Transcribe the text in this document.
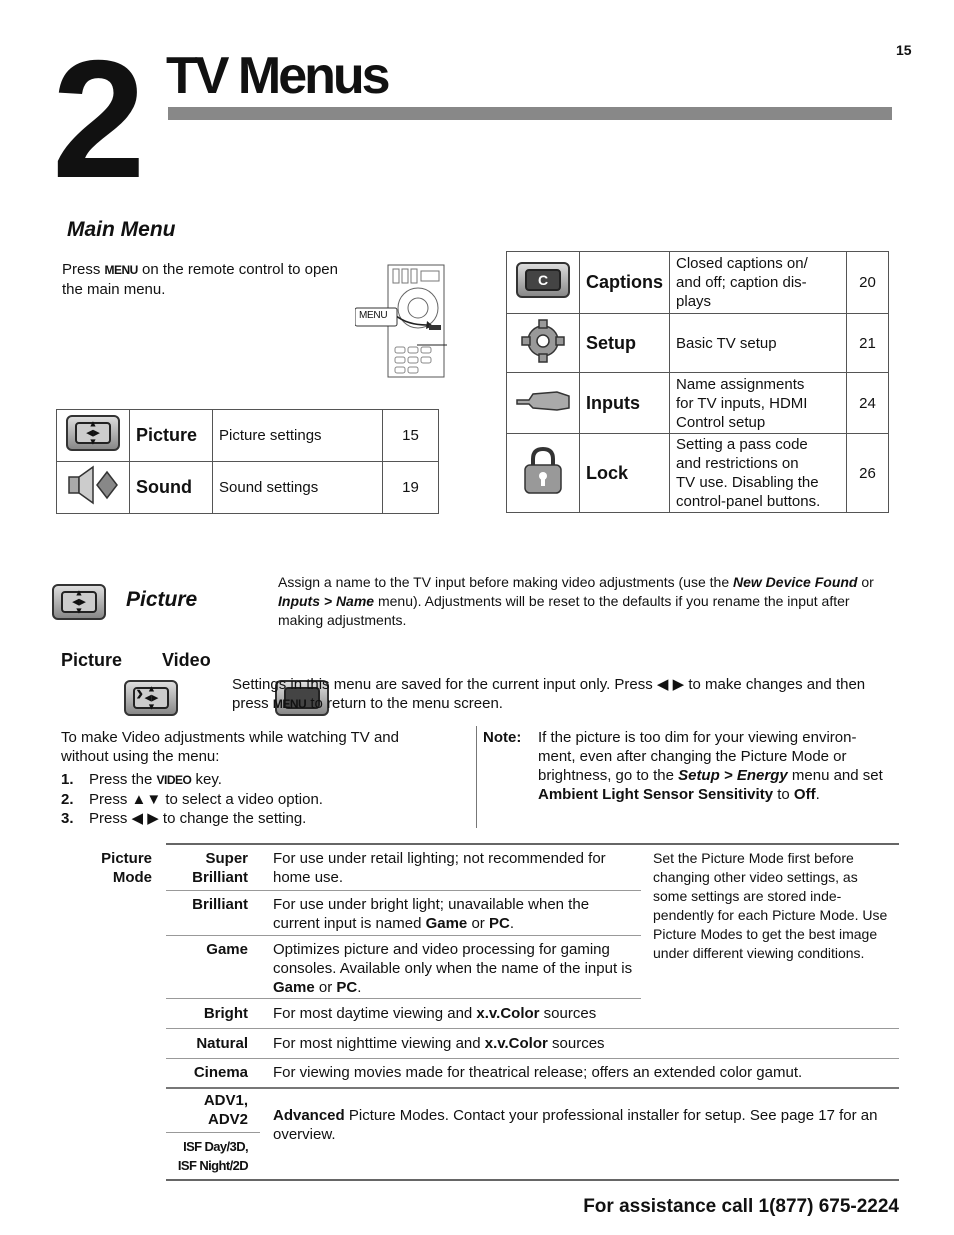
15
2 TV Menus
Main Menu
Press MENU on the remote control to open the main menu.
MENU
▲
◀▶
▼	Picture	Picture settings	15
	Sound	Sound settings	19
C	Captions	Closed captions on/
and off; caption dis-
plays	20
	Setup	Basic TV setup	21
	Inputs	Name assignments
for TV inputs, HDMI
Control setup	24
	Lock	Setting a pass code
and restrictions on
TV use. Disabling the
control-panel buttons.	26
▲
◀▶
▼
Picture
Assign a name to the TV input before making video adjustments (use the New Device Found or Inputs > Name menu). Adjustments will be reset to the defaults if you rename the input after making adjustments.
Picture Video
▲
◀▶
▼

›	Settings in this menu are saved for the current input only. Press ◀ ▶ to make changes and then press MENU to return to the menu screen.
To make Video adjustments while watching TV and without using the menu:
1. Press the VIDEO key.
2. Press ▲▼ to select a video option.
3. Press ◀ ▶ to change the setting.
Note: If the picture is too dim for your viewing environ-ment, even after changing the Picture Mode or brightness, go to the Setup > Energy menu and set Ambient Light Sensor Sensitivity to Off.
Picture
Mode
Set the Picture Mode first before changing other video settings, as some settings are stored inde-pendently for each Picture Mode. Use Picture Modes to get the best image under different viewing conditions.
Super
Brilliant
For use under retail lighting; not recommended for home use.
Brilliant For use under bright light; unavailable when the current input is named Game or PC.
Game Optimizes picture and video processing for gaming consoles. Available only when the name of the input is Game or PC.
Bright For most daytime viewing and x.v.Color sources
Natural For most nighttime viewing and x.v.Color sources
Cinema For viewing movies made for theatrical release; offers an extended color gamut.
ADV1,
ADV2
ISF Day/3D,
ISF Night/2D
Advanced Picture Modes. Contact your professional installer for setup. See page 17 for an overview.
For assistance call 1(877) 675-2224
